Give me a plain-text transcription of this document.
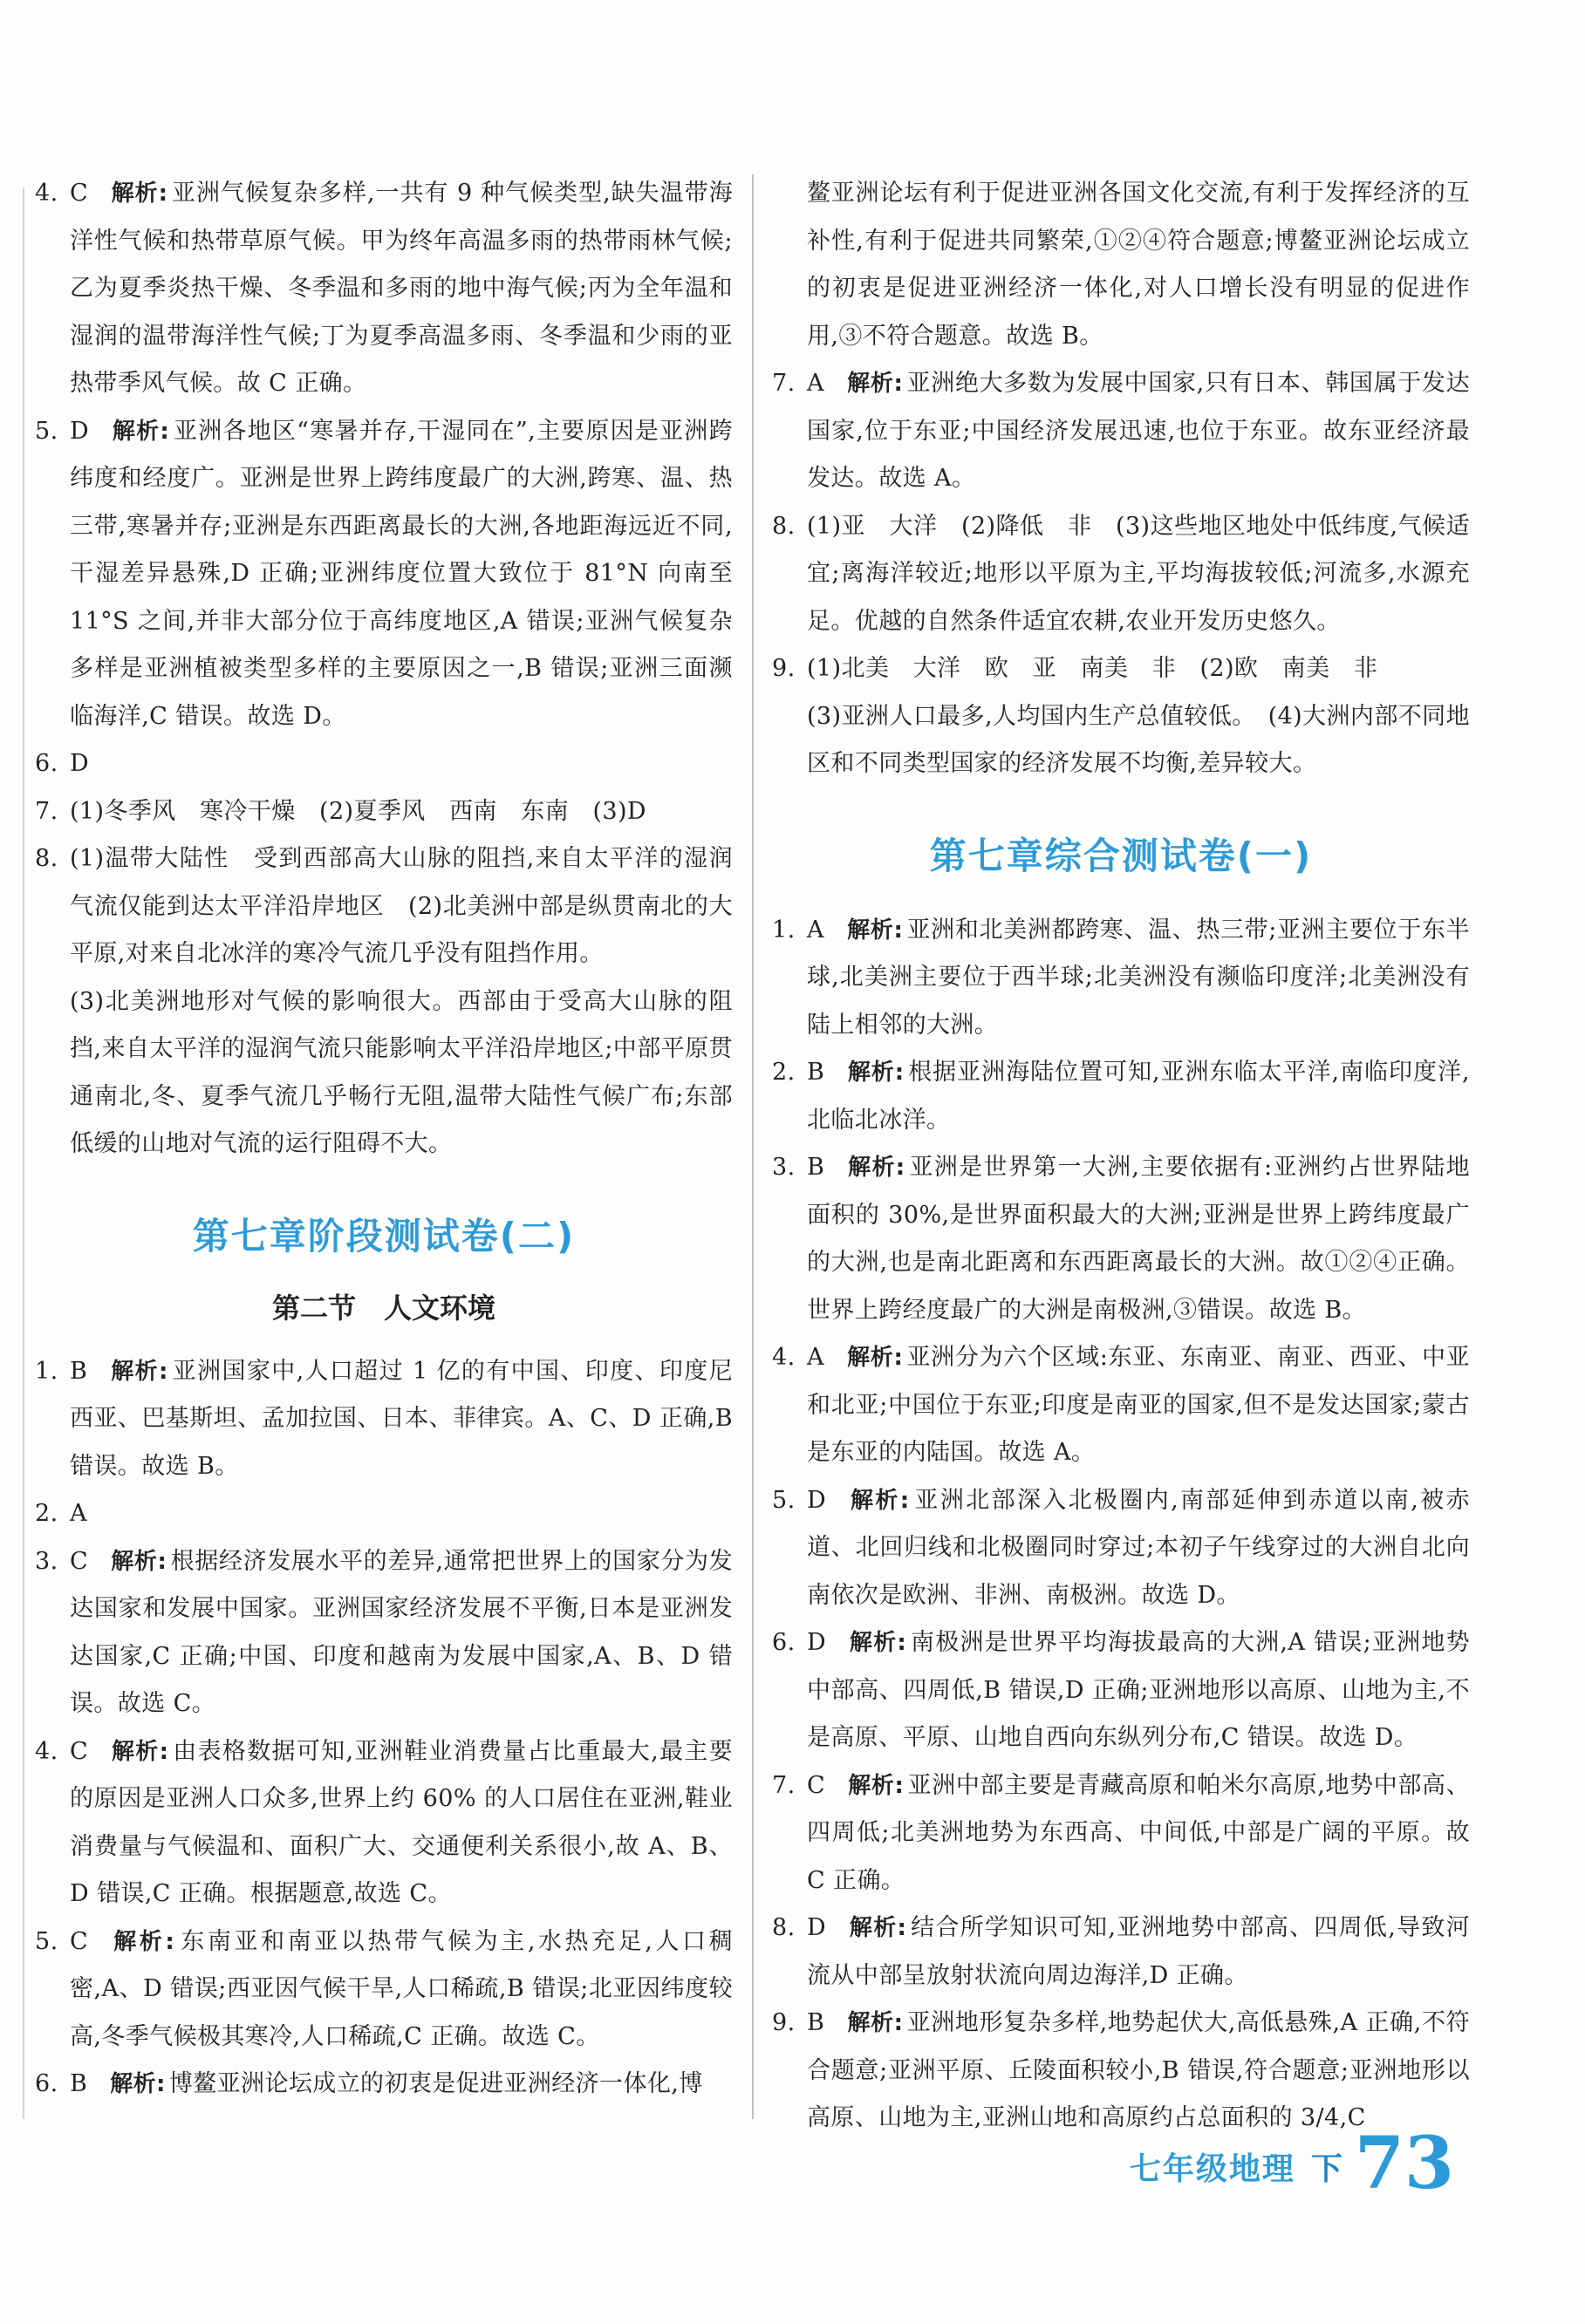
4. C 解析: 亚洲气候复杂多样,一共有 9 种气候类型,缺失温带海洋性气候和热带草原气候。甲为终年高温多雨的热带雨林气候;乙为夏季炎热干燥、冬季温和多雨的地中海气候;丙为全年温和湿润的温带海洋性气候;丁为夏季高温多雨、冬季温和少雨的亚热带季风气候。故 C 正确。

5. D 解析: 亚洲各地区“寒暑并存,干湿同在”,主要原因是亚洲跨纬度和经度广。亚洲是世界上跨纬度最广的大洲,跨寒、温、热三带,寒暑并存;亚洲是东西距离最长的大洲,各地距海远近不同,干湿差异悬殊,D 正确;亚洲纬度位置大致位于 81°N 向南至 11°S 之间,并非大部分位于高纬度地区,A 错误;亚洲气候复杂多样是亚洲植被类型多样的主要原因之一,B 错误;亚洲三面濒临海洋,C 错误。故选 D。

6. D

7. (1)冬季风　寒冷干燥　(2)夏季风　西南　东南　(3)D

8. (1)温带大陆性　受到西部高大山脉的阻挡,来自太平洋的湿润气流仅能到达太平洋沿岸地区　(2)北美洲中部是纵贯南北的大平原,对来自北冰洋的寒冷气流几乎没有阻挡作用。

(3)北美洲地形对气候的影响很大。西部由于受高大山脉的阻挡,来自太平洋的湿润气流只能影响太平洋沿岸地区;中部平原贯通南北,冬、夏季气流几乎畅行无阻,温带大陆性气候广布;东部低缓的山地对气流的运行阻碍不大。

第七章阶段测试卷(二)
第二节　人文环境

1. B 解析: 亚洲国家中,人口超过 1 亿的有中国、印度、印度尼西亚、巴基斯坦、孟加拉国、日本、菲律宾。A、C、D 正确,B 错误。故选 B。

2. A

3. C 解析: 根据经济发展水平的差异,通常把世界上的国家分为发达国家和发展中国家。亚洲国家经济发展不平衡,日本是亚洲发达国家,C 正确;中国、印度和越南为发展中国家,A、B、D 错误。故选 C。

4. C 解析: 由表格数据可知,亚洲鞋业消费量占比重最大,最主要的原因是亚洲人口众多,世界上约 60% 的人口居住在亚洲,鞋业消费量与气候温和、面积广大、交通便利关系很小,故 A、B、D 错误,C 正确。根据题意,故选 C。

5. C 解析: 东南亚和南亚以热带气候为主,水热充足,人口稠密,A、D 错误;西亚因气候干旱,人口稀疏,B 错误;北亚因纬度较高,冬季气候极其寒冷,人口稀疏,C 正确。故选 C。

6. B 解析: 博鳌亚洲论坛成立的初衷是促进亚洲经济一体化,博

鳌亚洲论坛有利于促进亚洲各国文化交流,有利于发挥经济的互补性,有利于促进共同繁荣,①②④符合题意;博鳌亚洲论坛成立的初衷是促进亚洲经济一体化,对人口增长没有明显的促进作用,③不符合题意。故选 B。

7. A 解析: 亚洲绝大多数为发展中国家,只有日本、韩国属于发达国家,位于东亚;中国经济发展迅速,也位于东亚。故东亚经济最发达。故选 A。

8. (1)亚　大洋　(2)降低　非　(3)这些地区地处中低纬度,气候适宜;离海洋较近;地形以平原为主,平均海拔较低;河流多,水源充足。优越的自然条件适宜农耕,农业开发历史悠久。

9. (1)北美　大洋　欧　亚　南美　非　(2)欧　南美　非

(3)亚洲人口最多,人均国内生产总值较低。　(4)大洲内部不同地区和不同类型国家的经济发展不均衡,差异较大。

第七章综合测试卷(一)

1. A 解析: 亚洲和北美洲都跨寒、温、热三带;亚洲主要位于东半球,北美洲主要位于西半球;北美洲没有濒临印度洋;北美洲没有陆上相邻的大洲。

2. B 解析: 根据亚洲海陆位置可知,亚洲东临太平洋,南临印度洋,北临北冰洋。

3. B 解析: 亚洲是世界第一大洲,主要依据有:亚洲约占世界陆地面积的 30%,是世界面积最大的大洲;亚洲是世界上跨纬度最广的大洲,也是南北距离和东西距离最长的大洲。故①②④正确。世界上跨经度最广的大洲是南极洲,③错误。故选 B。

4. A 解析: 亚洲分为六个区域:东亚、东南亚、南亚、西亚、中亚和北亚;中国位于东亚;印度是南亚的国家,但不是发达国家;蒙古是东亚的内陆国。故选 A。

5. D 解析: 亚洲北部深入北极圈内,南部延伸到赤道以南,被赤道、北回归线和北极圈同时穿过;本初子午线穿过的大洲自北向南依次是欧洲、非洲、南极洲。故选 D。

6. D 解析: 南极洲是世界平均海拔最高的大洲,A 错误;亚洲地势中部高、四周低,B 错误,D 正确;亚洲地形以高原、山地为主,不是高原、平原、山地自西向东纵列分布,C 错误。故选 D。

7. C 解析: 亚洲中部主要是青藏高原和帕米尔高原,地势中部高、四周低;北美洲地势为东西高、中间低,中部是广阔的平原。故 C 正确。

8. D 解析: 结合所学知识可知,亚洲地势中部高、四周低,导致河流从中部呈放射状流向周边海洋,D 正确。

9. B 解析: 亚洲地形复杂多样,地势起伏大,高低悬殊,A 正确,不符合题意;亚洲平原、丘陵面积较小,B 错误,符合题意;亚洲地形以高原、山地为主,亚洲山地和高原约占总面积的 3/4,C

七年级地理 下 73
